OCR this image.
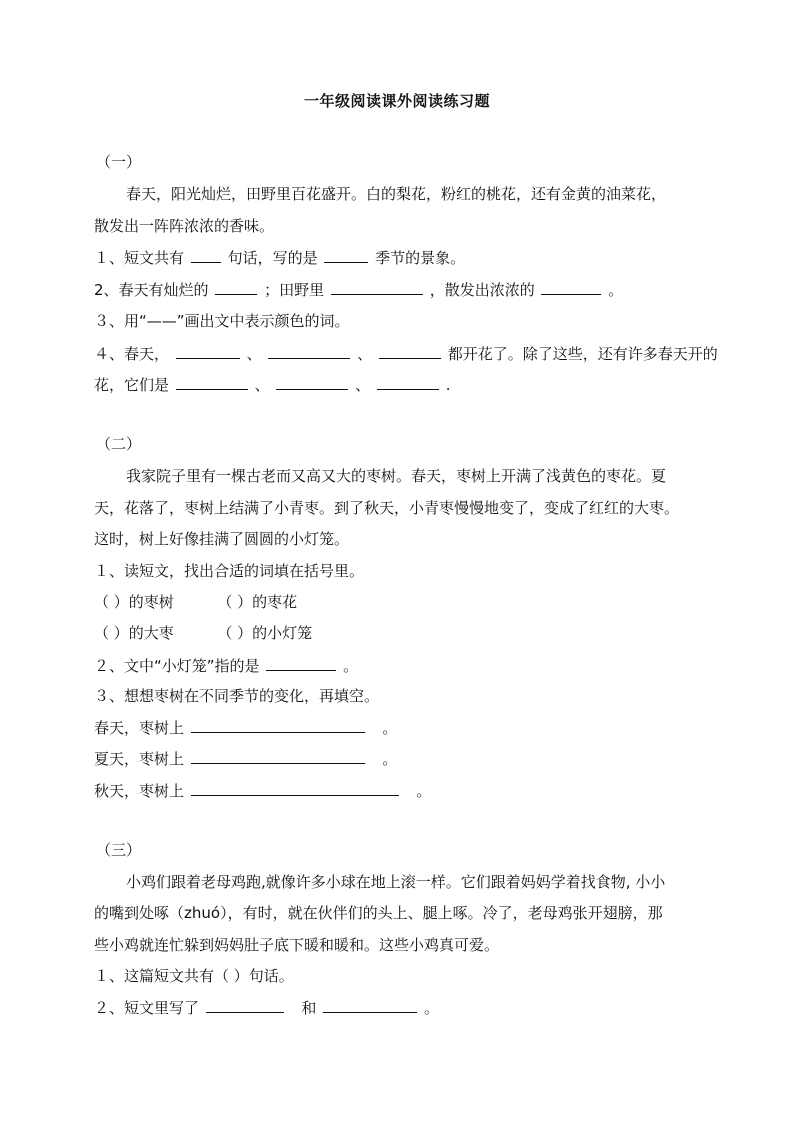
一年级阅读课外阅读练习题
（一）
春天，阳光灿烂，田野里百花盛开。白的梨花，粉红的桃花，还有金黄的油菜花，
散发出一阵阵浓浓的香味。
１、短文共有	句话，写的是	季节的景象。
2、春天有灿烂的	；田野里	，散发出浓浓的	。
３、用“——”画出文中表示颜色的词。
４、春天，	、	、	都开花了。除了这些，还有许多春天开的
花，它们是	、	、	.
（二）
我家院子里有一棵古老而又高又大的枣树。春天，枣树上开满了浅黄色的枣花。夏
天，花落了，枣树上结满了小青枣。到了秋天，小青枣慢慢地变了，变成了红红的大枣。
这时，树上好像挂满了圆圆的小灯笼。
１、读短文，找出合适的词填在括号里。
（ ）的枣树	（ ）的枣花
（ ）的大枣	（ ）的小灯笼
２、文中“小灯笼”指的是	。
３、想想枣树在不同季节的变化，再填空。
春天，枣树上	。
夏天，枣树上	。
秋天，枣树上	。
（三）
小鸡们跟着老母鸡跑,就像许多小球在地上滚一样。它们跟着妈妈学着找食物, 小小
的嘴到处啄（zhuó），有时，就在伙伴们的头上、腿上啄。冷了，老母鸡张开翅膀，那
些小鸡就连忙躲到妈妈肚子底下暖和暖和。这些小鸡真可爱。
１、这篇短文共有（ ）句话。
２、短文里写了	和	。
